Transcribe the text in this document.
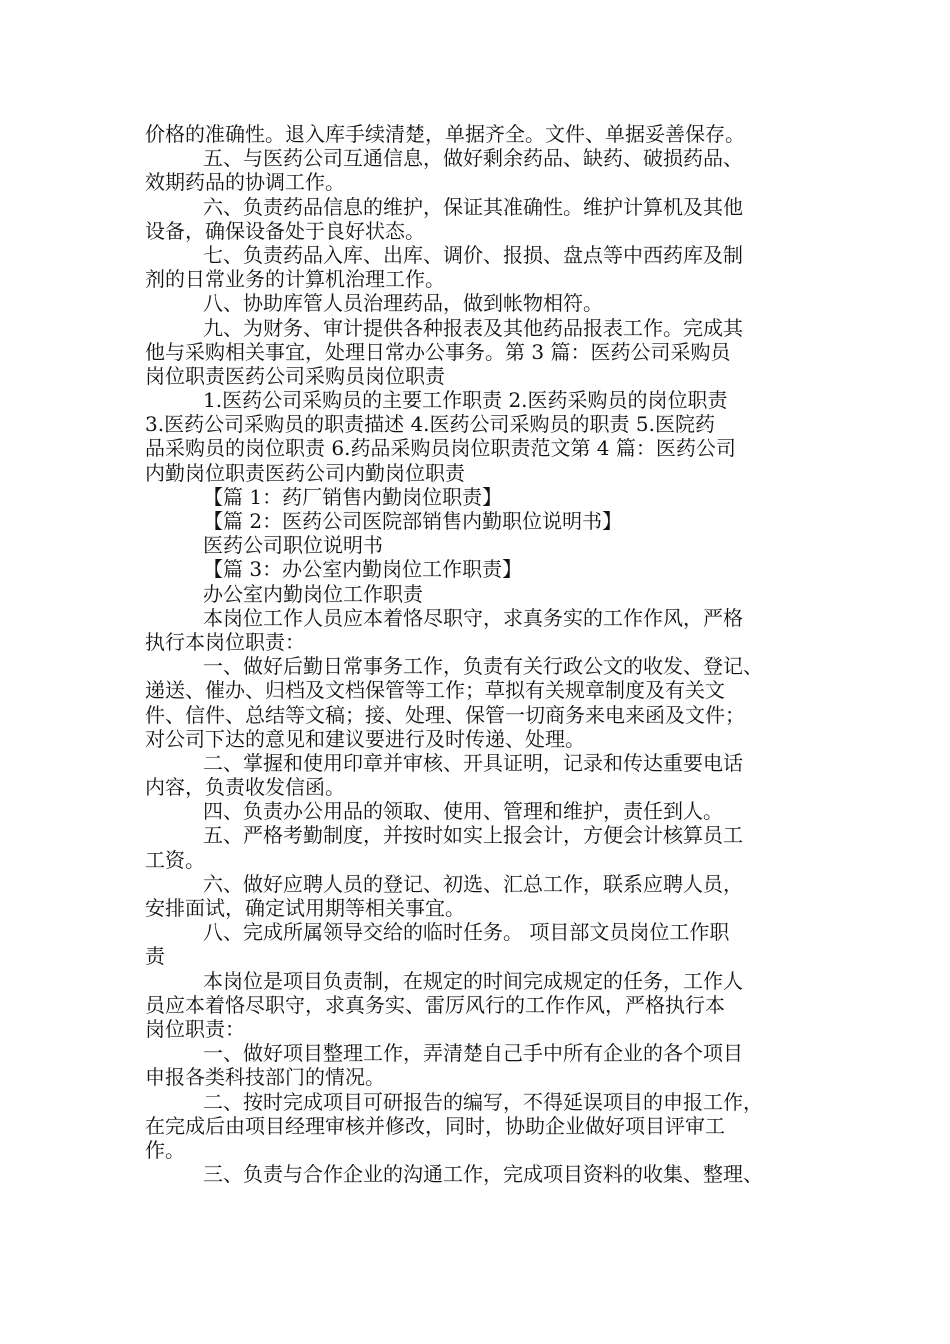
价格的准确性。退入库手续清楚，单据齐全。文件、单据妥善保存。
五、与医药公司互通信息，做好剩余药品、缺药、破损药品、
效期药品的协调工作。
六、负责药品信息的维护，保证其准确性。维护计算机及其他
设备，确保设备处于良好状态。
七、负责药品入库、出库、调价、报损、盘点等中西药库及制
剂的日常业务的计算机治理工作。
八、协助库管人员治理药品，做到帐物相符。
九、为财务、审计提供各种报表及其他药品报表工作。完成其
他与采购相关事宜，处理日常办公事务。第 3 篇：医药公司采购员
岗位职责医药公司采购员岗位职责
1.医药公司采购员的主要工作职责 2.医药采购员的岗位职责
3.医药公司采购员的职责描述 4.医药公司采购员的职责 5.医院药
品采购员的岗位职责 6.药品采购员岗位职责范文第 4 篇：医药公司
内勤岗位职责医药公司内勤岗位职责
【篇 1：药厂销售内勤岗位职责】
【篇 2：医药公司医院部销售内勤职位说明书】
医药公司职位说明书
【篇 3：办公室内勤岗位工作职责】
办公室内勤岗位工作职责
本岗位工作人员应本着恪尽职守，求真务实的工作作风，严格
执行本岗位职责：
一、做好后勤日常事务工作，负责有关行政公文的收发、登记、
递送、催办、归档及文档保管等工作；草拟有关规章制度及有关文
件、信件、总结等文稿；接、处理、保管一切商务来电来函及文件；
对公司下达的意见和建议要进行及时传递、处理。
二、掌握和使用印章并审核、开具证明，记录和传达重要电话
内容，负责收发信函。
四、负责办公用品的领取、使用、管理和维护，责任到人。
五、严格考勤制度，并按时如实上报会计，方便会计核算员工
工资。
六、做好应聘人员的登记、初选、汇总工作，联系应聘人员，
安排面试，确定试用期等相关事宜。
八、完成所属领导交给的临时任务。 项目部文员岗位工作职
责
本岗位是项目负责制，在规定的时间完成规定的任务，工作人
员应本着恪尽职守，求真务实、雷厉风行的工作作风，严格执行本
岗位职责：
一、做好项目整理工作，弄清楚自己手中所有企业的各个项目
申报各类科技部门的情况。
二、按时完成项目可研报告的编写，不得延误项目的申报工作，
在完成后由项目经理审核并修改，同时，协助企业做好项目评审工
作。
三、负责与合作企业的沟通工作，完成项目资料的收集、整理、
